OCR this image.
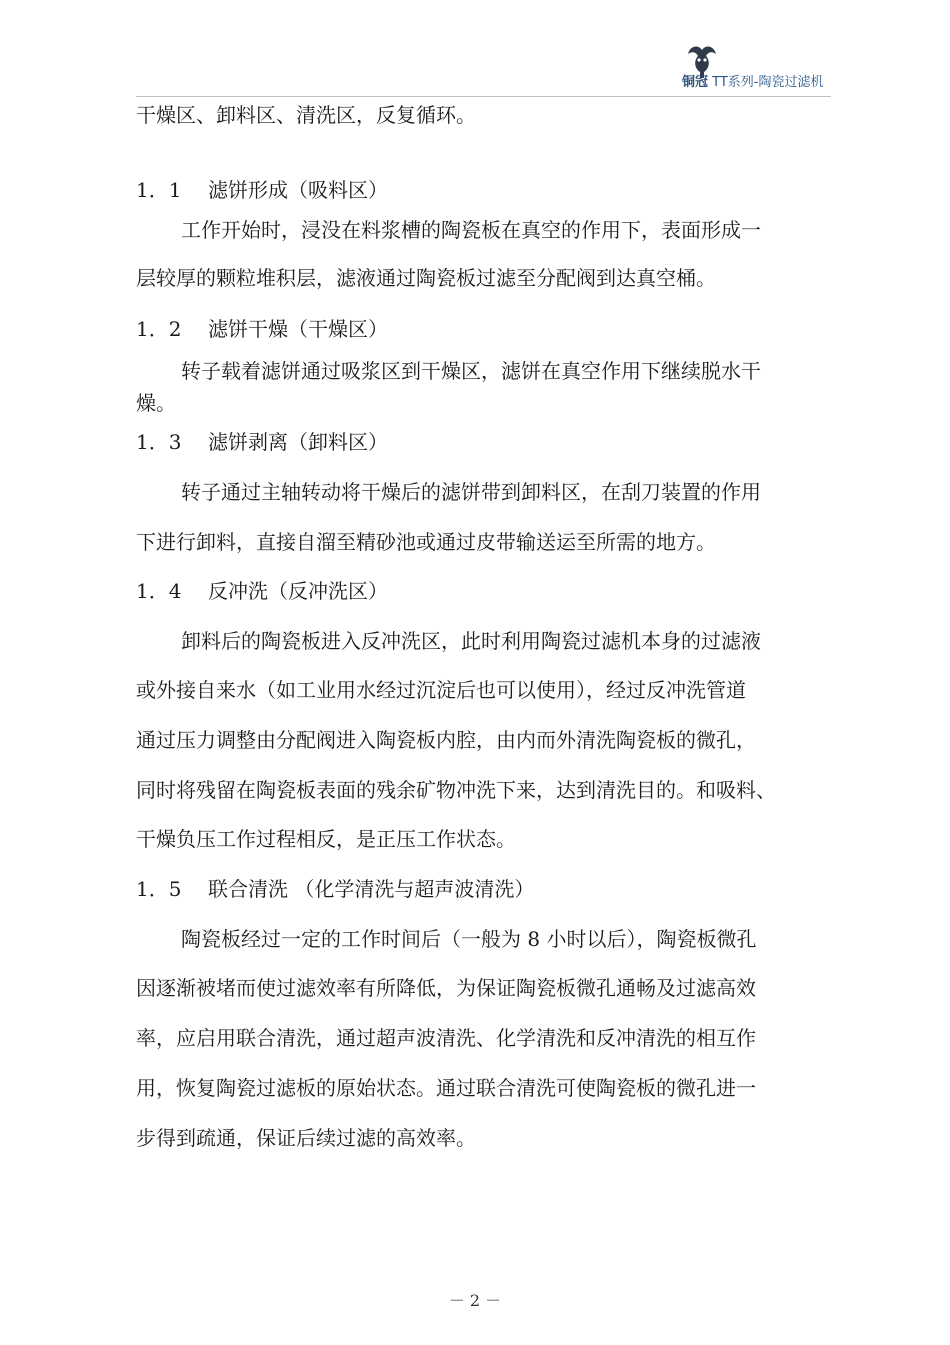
铜冠 TT系列-陶瓷过滤机
干燥区、卸料区、清洗区，反复循环。
1．1 滤饼形成（吸料区）
工作开始时，浸没在料浆槽的陶瓷板在真空的作用下，表面形成一
层较厚的颗粒堆积层，滤液通过陶瓷板过滤至分配阀到达真空桶。
1．2 滤饼干燥（干燥区）
转子载着滤饼通过吸浆区到干燥区，滤饼在真空作用下继续脱水干
燥。
1．3 滤饼剥离（卸料区）
转子通过主轴转动将干燥后的滤饼带到卸料区，在刮刀装置的作用
下进行卸料，直接自溜至精砂池或通过皮带输送运至所需的地方。
1．4 反冲洗（反冲洗区）
卸料后的陶瓷板进入反冲洗区，此时利用陶瓷过滤机本身的过滤液
或外接自来水（如工业用水经过沉淀后也可以使用），经过反冲洗管道
通过压力调整由分配阀进入陶瓷板内腔，由内而外清洗陶瓷板的微孔，
同时将残留在陶瓷板表面的残余矿物冲洗下来，达到清洗目的。和吸料、
干燥负压工作过程相反，是正压工作状态。
1．5 联合清洗 （化学清洗与超声波清洗）
陶瓷板经过一定的工作时间后（一般为 8 小时以后），陶瓷板微孔
因逐渐被堵而使过滤效率有所降低，为保证陶瓷板微孔通畅及过滤高效
率，应启用联合清洗，通过超声波清洗、化学清洗和反冲清洗的相互作
用，恢复陶瓷过滤板的原始状态。通过联合清洗可使陶瓷板的微孔进一
步得到疏通，保证后续过滤的高效率。
－ 2 －
